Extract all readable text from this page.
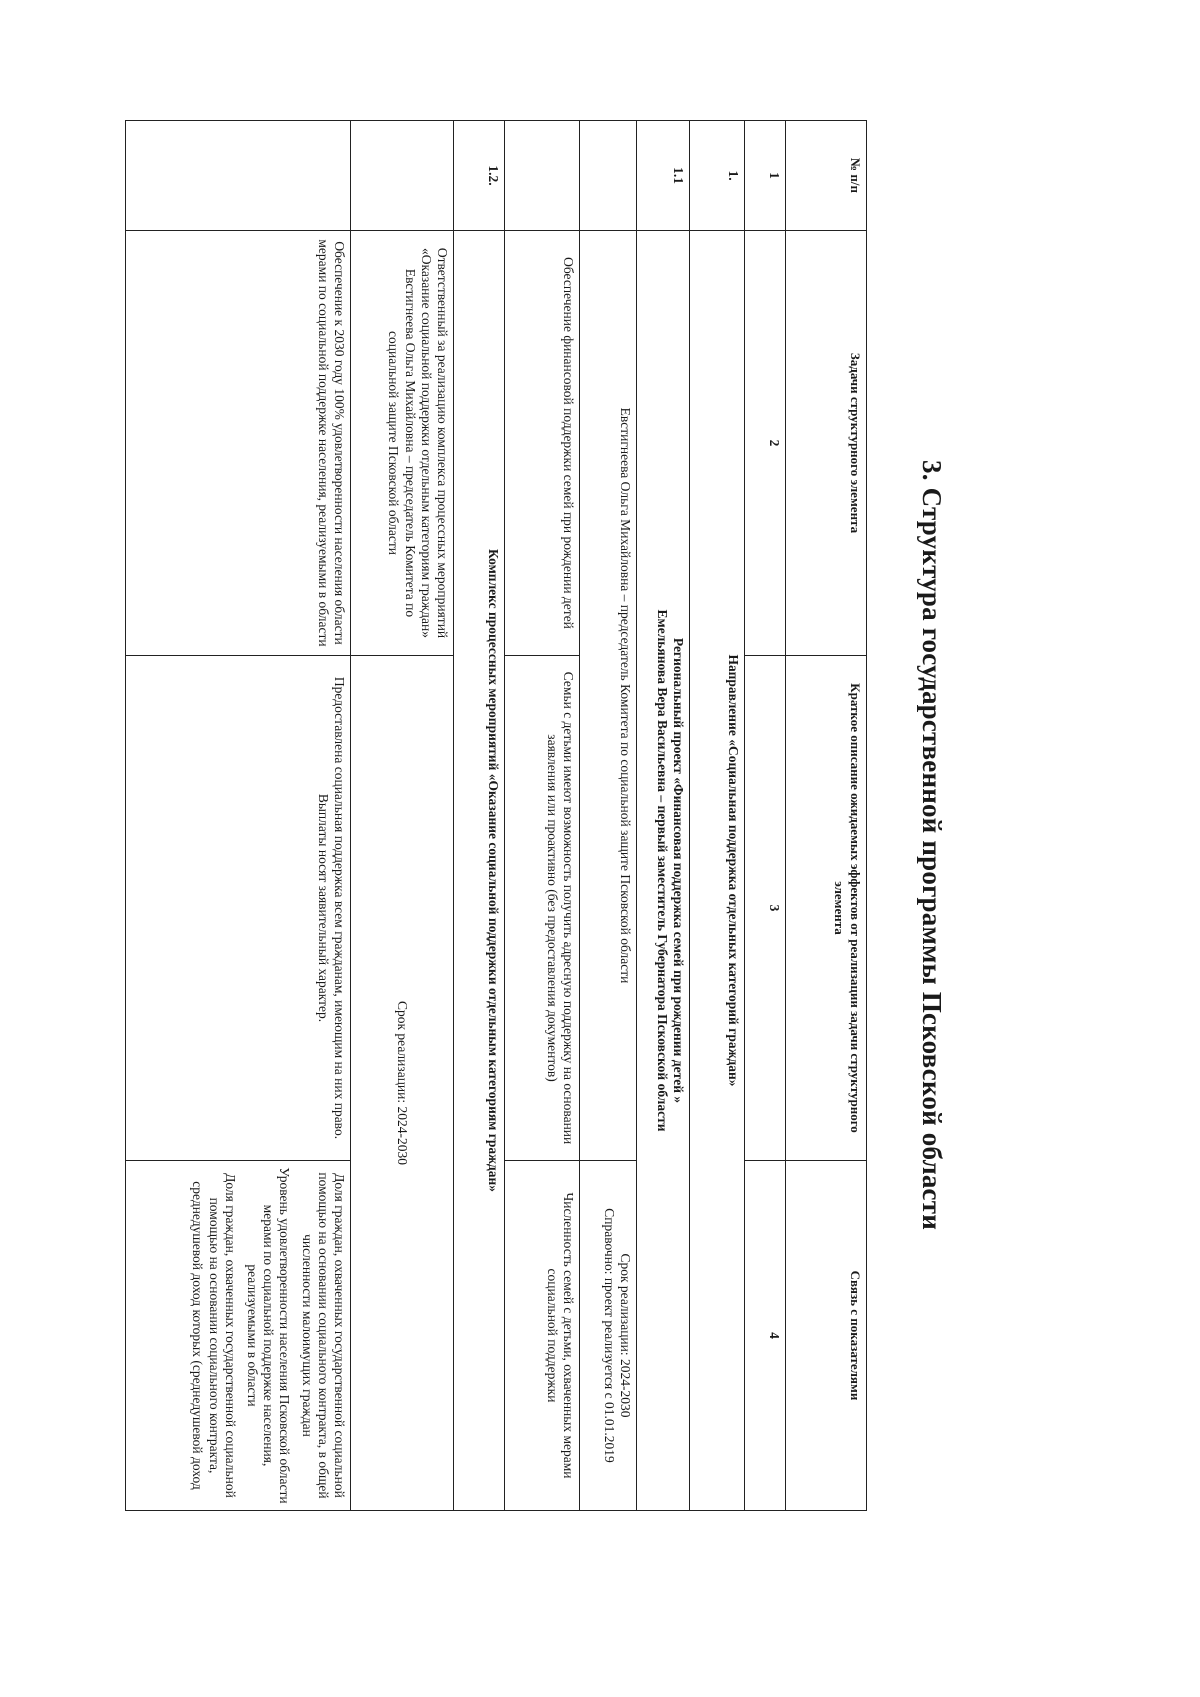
3. Структура государственной программы Псковской области
№ п/п	Задачи структурного элемента	Краткое описание ожидаемых эффектов от реализации задачи структурного элемента	Связь с показателями
1	2	3	4
1.	Направление «Социальная поддержка отдельных категорий граждан»		
1.1	Региональный проект «Финансовая поддержка семей при рождении детей »
Емельянова Вера Васильевна – первый заместитель Губернатора Псковской области		

	Евстигнеева Ольга Михайловна – председатель Комитета по социальной защите Псковской области		Срок реализации: 2024-2030
Справочно: проект реализуется с 01.01.2019

	Обеспечение финансовой поддержки семей при рождении детей	Семьи с детьми имеют возможность получить адресную поддержку на основании заявления или проактивно (без предоставления документов)	Численность семей с детьми, охваченных мерами социальной поддержки
1.2.	Комплекс процессных мероприятий «Оказание социальной поддержки отдельным категориям граждан»		
	Ответственный за реализацию комплекса процессных мероприятий «Оказание социальной поддержки отдельным категориям граждан» Евстигнеева Ольга Михайловна – председатель Комитета по социальной защите Псковской области	Срок реализации: 2024-2030	
	Обеспечение к 2030 году 100% удовлетворенности населения области мерами по социальной поддержке населения, реализуемыми в области	Предоставлена социальная поддержка всем гражданам, имеющим на них право. Выплаты носят заявительный характер.	Доля граждан, охваченных государственной социальной помощью на основании социального контракта, в общей численности малоимущих граждан
Уровень удовлетворенности населения Псковской области мерами по социальной поддержке населения, реализуемыми в области
Доля граждан, охваченных государственной социальной помощью на основании социального контракта, среднедушевой доход которых (среднедушевой доход
